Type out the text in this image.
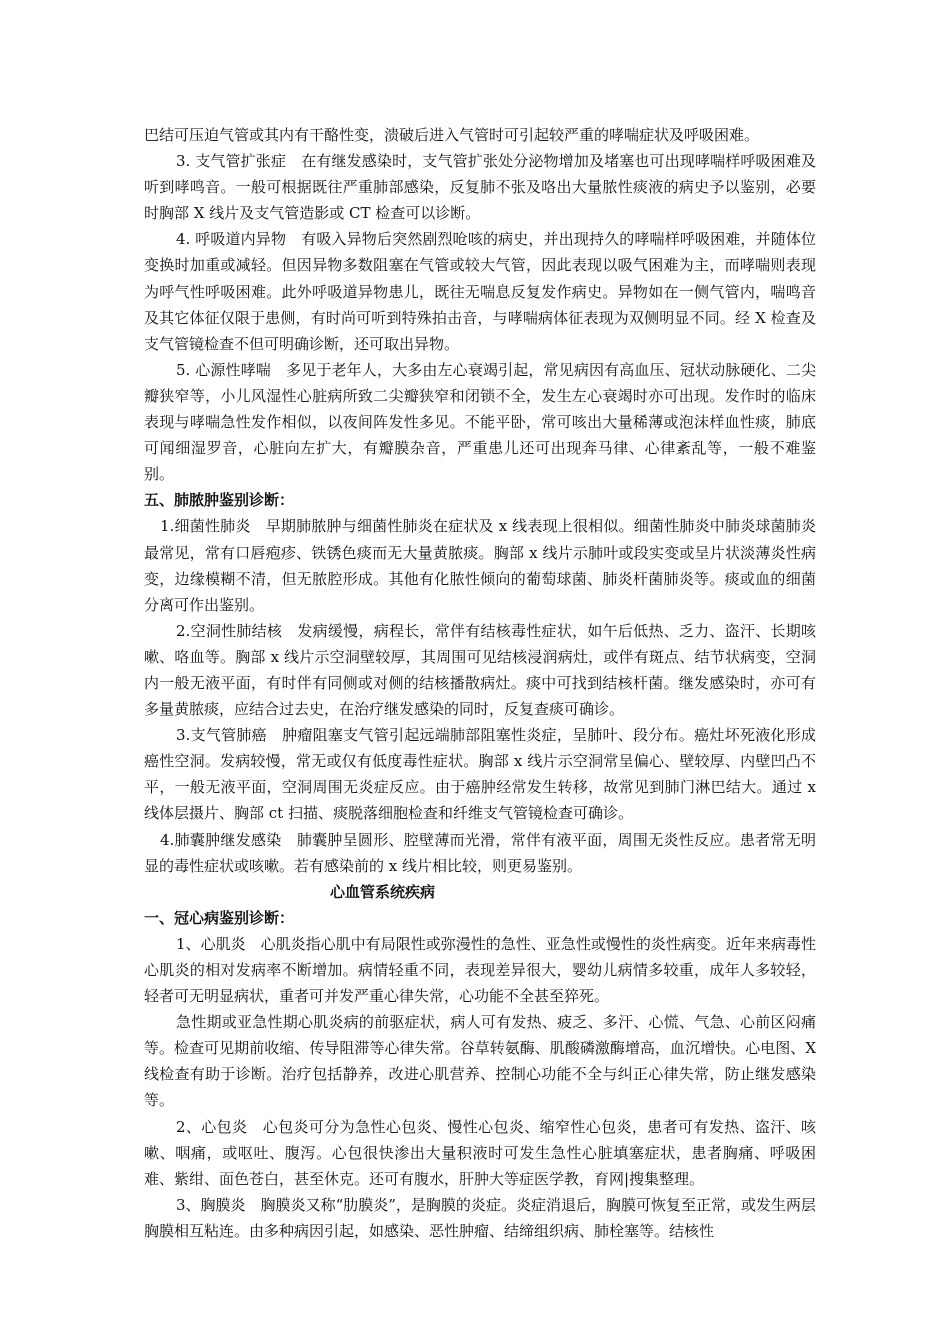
巴结可压迫气管或其内有干酪性变，溃破后进入气管时可引起较严重的哮喘症状及呼吸困难。

3. 支气管扩张症　在有继发感染时，支气管扩张处分泌物增加及堵塞也可出现哮喘样呼吸困难及听到哮鸣音。一般可根据既往严重肺部感染，反复肺不张及咯出大量脓性痰液的病史予以鉴别，必要时胸部 X 线片及支气管造影或 CT 检查可以诊断。

4. 呼吸道内异物　有吸入异物后突然剧烈呛咳的病史，并出现持久的哮喘样呼吸困难，并随体位变换时加重或减轻。但因异物多数阻塞在气管或较大气管，因此表现以吸气困难为主，而哮喘则表现为呼气性呼吸困难。此外呼吸道异物患儿，既往无喘息反复发作病史。异物如在一侧气管内，喘鸣音及其它体征仅限于患侧，有时尚可听到特殊拍击音，与哮喘病体征表现为双侧明显不同。经 X 检查及支气管镜检查不但可明确诊断，还可取出异物。

5. 心源性哮喘　多见于老年人，大多由左心衰竭引起，常见病因有高血压、冠状动脉硬化、二尖瓣狭窄等，小儿风湿性心脏病所致二尖瓣狭窄和闭锁不全，发生左心衰竭时亦可出现。发作时的临床表现与哮喘急性发作相似，以夜间阵发性多见。不能平卧，常可咳出大量稀薄或泡沫样血性痰，肺底可闻细湿罗音，心脏向左扩大，有瓣膜杂音，严重患儿还可出现奔马律、心律紊乱等，一般不难鉴别。

五、肺脓肿鉴别诊断：

1.细菌性肺炎　早期肺脓肿与细菌性肺炎在症状及 x 线表现上很相似。细菌性肺炎中肺炎球菌肺炎最常见，常有口唇疱疹、铁锈色痰而无大量黄脓痰。胸部 x 线片示肺叶或段实变或呈片状淡薄炎性病变，边缘模糊不清，但无脓腔形成。其他有化脓性倾向的葡萄球菌、肺炎杆菌肺炎等。痰或血的细菌分离可作出鉴别。

2.空洞性肺结核　发病缓慢，病程长，常伴有结核毒性症状，如午后低热、乏力、盗汗、长期咳嗽、咯血等。胸部 x 线片示空洞壁较厚，其周围可见结核浸润病灶，或伴有斑点、结节状病变，空洞内一般无液平面，有时伴有同侧或对侧的结核播散病灶。痰中可找到结核杆菌。继发感染时，亦可有多量黄脓痰，应结合过去史，在治疗继发感染的同时，反复查痰可确诊。

3.支气管肺癌　肿瘤阻塞支气管引起远端肺部阻塞性炎症，呈肺叶、段分布。癌灶坏死液化形成癌性空洞。发病较慢，常无或仅有低度毒性症状。胸部 x 线片示空洞常呈偏心、壁较厚、内壁凹凸不平，一般无液平面，空洞周围无炎症反应。由于癌肿经常发生转移，故常见到肺门淋巴结大。通过 x 线体层摄片、胸部 ct 扫描、痰脱落细胞检查和纤维支气管镜检查可确诊。

4.肺囊肿继发感染　肺囊肿呈圆形、腔壁薄而光滑，常伴有液平面，周围无炎性反应。患者常无明显的毒性症状或咳嗽。若有感染前的 x 线片相比较，则更易鉴别。

心血管系统疾病

一、冠心病鉴别诊断：

1、心肌炎　心肌炎指心肌中有局限性或弥漫性的急性、亚急性或慢性的炎性病变。近年来病毒性心肌炎的相对发病率不断增加。病情轻重不同，表现差异很大，婴幼儿病情多较重，成年人多较轻，轻者可无明显病状，重者可并发严重心律失常，心功能不全甚至猝死。

急性期或亚急性期心肌炎病的前驱症状，病人可有发热、疲乏、多汗、心慌、气急、心前区闷痛等。检查可见期前收缩、传导阻滞等心律失常。谷草转氨酶、肌酸磷激酶增高，血沉增快。心电图、X 线检查有助于诊断。治疗包括静养，改进心肌营养、控制心功能不全与纠正心律失常，防止继发感染等。

2、心包炎　心包炎可分为急性心包炎、慢性心包炎、缩窄性心包炎，患者可有发热、盗汗、咳嗽、咽痛，或呕吐、腹泻。心包很快渗出大量积液时可发生急性心脏填塞症状，患者胸痛、呼吸困难、紫绀、面色苍白，甚至休克。还可有腹水，肝肿大等症医学教，育网|搜集整理。

3、胸膜炎　胸膜炎又称“肋膜炎”，是胸膜的炎症。炎症消退后，胸膜可恢复至正常，或发生两层胸膜相互粘连。由多种病因引起，如感染、恶性肿瘤、结缔组织病、肺栓塞等。结核性
